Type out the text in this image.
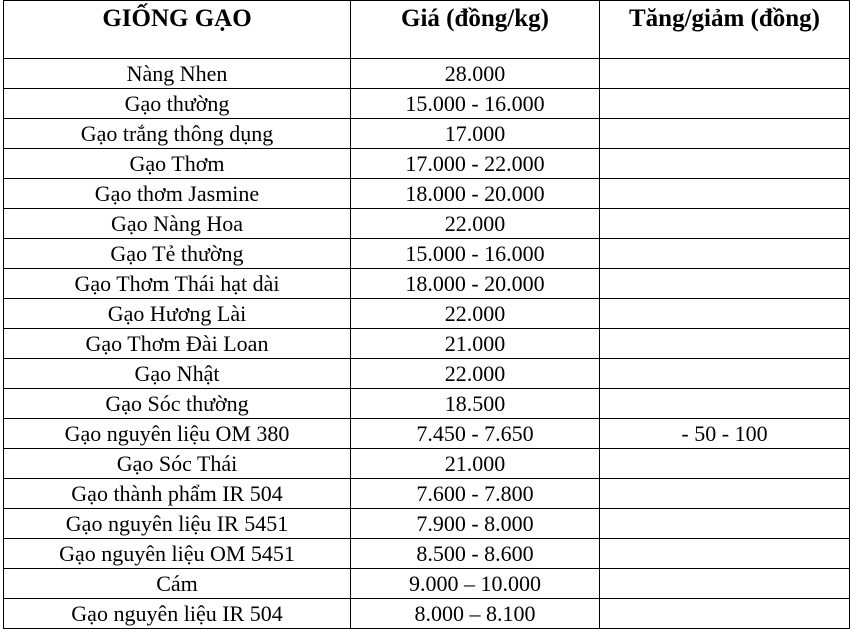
GIỐNG GẠO	Giá (đồng/kg)	Tăng/giảm (đồng)
Nàng Nhen	28.000	
Gạo thường	15.000 - 16.000	
Gạo trắng thông dụng	17.000	
Gạo Thơm	17.000 - 22.000	
Gạo thơm Jasmine	18.000 - 20.000	
Gạo Nàng Hoa	22.000	
Gạo Tẻ thường	15.000 - 16.000	
Gạo Thơm Thái hạt dài	18.000 - 20.000	
Gạo Hương Lài	22.000	
Gạo Thơm Đài Loan	21.000	
Gạo Nhật	22.000	
Gạo Sóc thường	18.500	
Gạo nguyên liệu OM 380	7.450 - 7.650	- 50 - 100
Gạo Sóc Thái	21.000	
Gạo thành phẩm IR 504	7.600 - 7.800	
Gạo nguyên liệu IR 5451	7.900 - 8.000	
Gạo nguyên liệu OM 5451	8.500 - 8.600	
Cám	9.000 – 10.000	
Gạo nguyên liệu IR 504	8.000 – 8.100	
